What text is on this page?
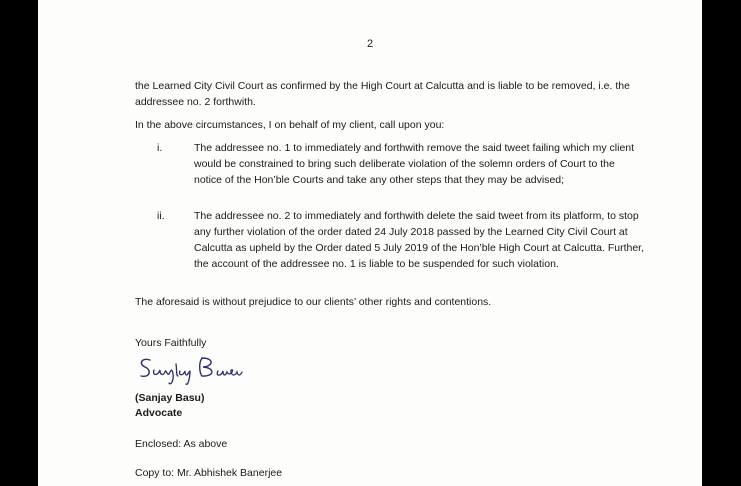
2
the Learned City Civil Court as confirmed by the High Court at Calcutta and is liable to be removed, i.e. the addressee no. 2 forthwith.
In the above circumstances, I on behalf of my client, call upon you:
i.	The addressee no. 1 to immediately and forthwith remove the said tweet failing which my client would be constrained to bring such deliberate violation of the solemn orders of Court to the notice of the Hon’ble Courts and take any other steps that they may be advised;
ii.	The addressee no. 2 to immediately and forthwith delete the said tweet from its platform, to stop any further violation of the order dated 24 July 2018 passed by the Learned City Civil Court at Calcutta as upheld by the Order dated 5 July 2019 of the Hon’ble High Court at Calcutta. Further, the account of the addressee no. 1 is liable to be suspended for such violation.
The aforesaid is without prejudice to our clients’ other rights and contentions.
Yours Faithfully
(Sanjay Basu)
Advocate
Enclosed: As above
Copy to: Mr. Abhishek Banerjee
